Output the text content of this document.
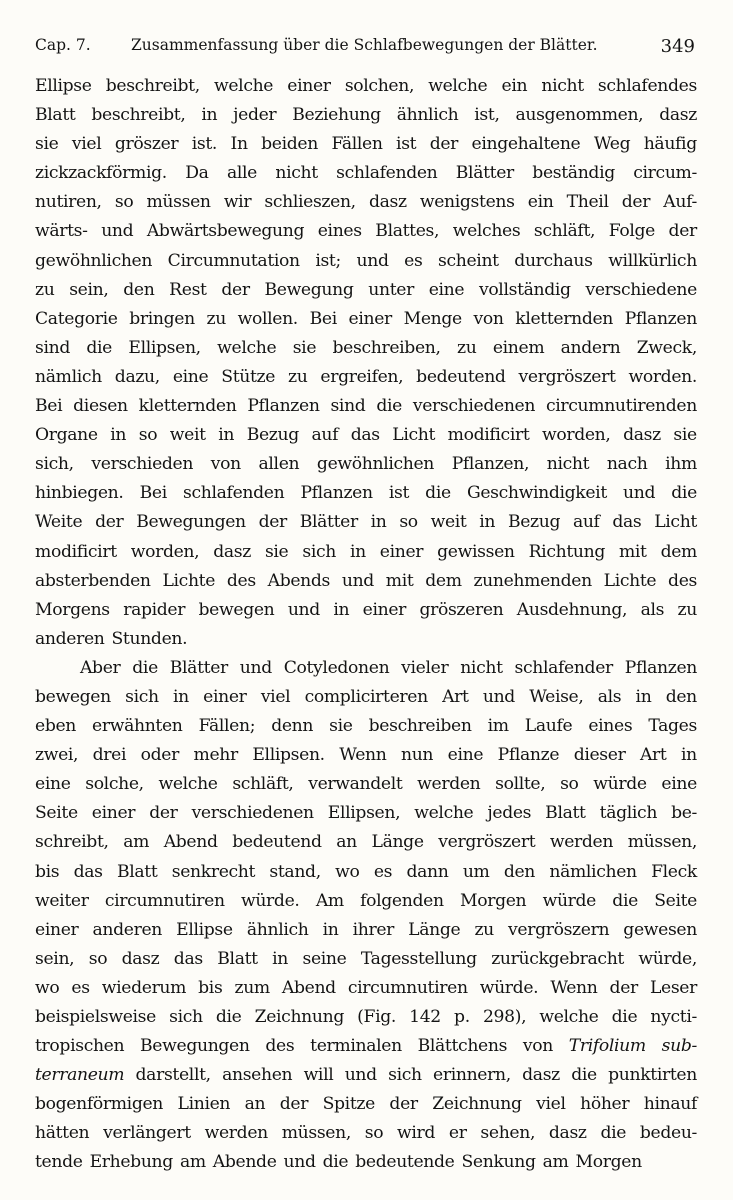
Cap. 7.	Zusammenfassung über die Schlafbewegungen der Blätter.	349
Ellipse beschreibt, welche einer solchen, welche ein nicht schlafendes
Blatt beschreibt, in jeder Beziehung ähnlich ist, ausgenommen, dasz
sie viel gröszer ist. In beiden Fällen ist der eingehaltene Weg häufig
zickzackförmig. Da alle nicht schlafenden Blätter beständig circum-
nutiren, so müssen wir schlieszen, dasz wenigstens ein Theil der Auf-
wärts- und Abwärtsbewegung eines Blattes, welches schläft, Folge der
gewöhnlichen Circumnutation ist; und es scheint durchaus willkürlich
zu sein, den Rest der Bewegung unter eine vollständig verschiedene
Categorie bringen zu wollen. Bei einer Menge von kletternden Pflanzen
sind die Ellipsen, welche sie beschreiben, zu einem andern Zweck,
nämlich dazu, eine Stütze zu ergreifen, bedeutend vergröszert worden.
Bei diesen kletternden Pflanzen sind die verschiedenen circumnutirenden
Organe in so weit in Bezug auf das Licht modificirt worden, dasz sie
sich, verschieden von allen gewöhnlichen Pflanzen, nicht nach ihm
hinbiegen. Bei schlafenden Pflanzen ist die Geschwindigkeit und die
Weite der Bewegungen der Blätter in so weit in Bezug auf das Licht
modificirt worden, dasz sie sich in einer gewissen Richtung mit dem
absterbenden Lichte des Abends und mit dem zunehmenden Lichte des
Morgens rapider bewegen und in einer gröszeren Ausdehnung, als zu
anderen Stunden.
Aber die Blätter und Cotyledonen vieler nicht schlafender Pflanzen
bewegen sich in einer viel complicirteren Art und Weise, als in den
eben erwähnten Fällen; denn sie beschreiben im Laufe eines Tages
zwei, drei oder mehr Ellipsen. Wenn nun eine Pflanze dieser Art in
eine solche, welche schläft, verwandelt werden sollte, so würde eine
Seite einer der verschiedenen Ellipsen, welche jedes Blatt täglich be-
schreibt, am Abend bedeutend an Länge vergröszert werden müssen,
bis das Blatt senkrecht stand, wo es dann um den nämlichen Fleck
weiter circumnutiren würde. Am folgenden Morgen würde die Seite
einer anderen Ellipse ähnlich in ihrer Länge zu vergröszern gewesen
sein, so dasz das Blatt in seine Tagesstellung zurückgebracht würde,
wo es wiederum bis zum Abend circumnutiren würde. Wenn der Leser
beispielsweise sich die Zeichnung (Fig. 142 p. 298), welche die nycti-
tropischen Bewegungen des terminalen Blättchens von Trifolium sub-
terraneum darstellt, ansehen will und sich erinnern, dasz die punktirten
bogenförmigen Linien an der Spitze der Zeichnung viel höher hinauf
hätten verlängert werden müssen, so wird er sehen, dasz die bedeu-
tende Erhebung am Abende und die bedeutende Senkung am Morgen
